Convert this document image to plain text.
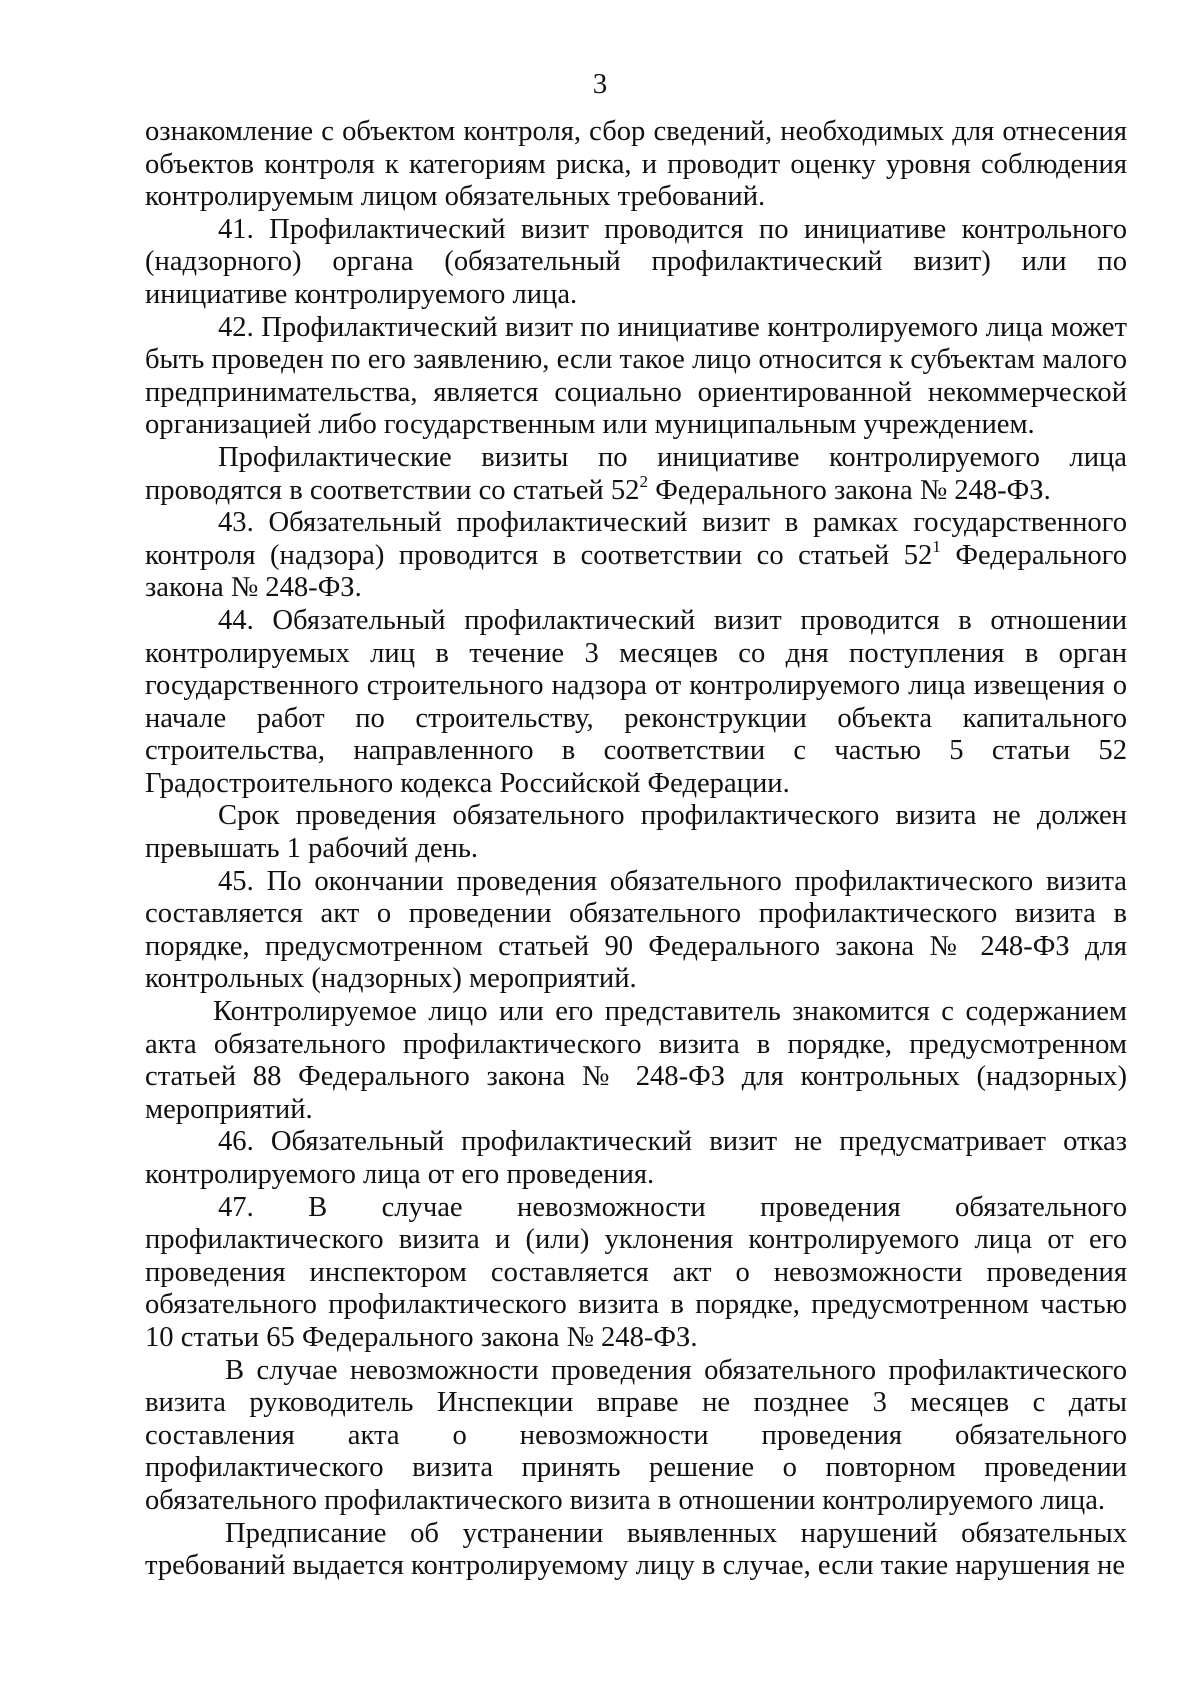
3

ознакомление с объектом контроля, сбор сведений, необходимых для отнесения объектов контроля к категориям риска, и проводит оценку уровня соблюдения контролируемым лицом обязательных требований.

41. Профилактический визит проводится по инициативе контрольного (надзорного) органа (обязательный профилактический визит) или по инициативе контролируемого лица.

42. Профилактический визит по инициативе контролируемого лица может быть проведен по его заявлению, если такое лицо относится к субъектам малого предпринимательства, является социально ориентированной некоммерческой организацией либо государственным или муниципальным учреждением.

Профилактические визиты по инициативе контролируемого лица проводятся в соответствии со статьей $52^2$ Федерального закона № 248-ФЗ.

43. Обязательный профилактический визит в рамках государственного контроля (надзора) проводится в соответствии со статьей $52^1$ Федерального закона № 248-ФЗ.

44. Обязательный профилактический визит проводится в отношении контролируемых лиц в течение 3 месяцев со дня поступления в орган государственного строительного надзора от контролируемого лица извещения о начале работ по строительству, реконструкции объекта капитального строительства, направленного в соответствии с частью 5 статьи 52 Градостроительного кодекса Российской Федерации.

Срок проведения обязательного профилактического визита не должен превышать 1 рабочий день.

45. По окончании проведения обязательного профилактического визита составляется акт о проведении обязательного профилактического визита в порядке, предусмотренном статьей 90 Федерального закона № 248-ФЗ для контрольных (надзорных) мероприятий.

Контролируемое лицо или его представитель знакомится с содержанием акта обязательного профилактического визита в порядке, предусмотренном статьей 88 Федерального закона № 248-ФЗ для контрольных (надзорных) мероприятий.

46. Обязательный профилактический визит не предусматривает отказ контролируемого лица от его проведения.

47. В случае невозможности проведения обязательного профилактического визита и (или) уклонения контролируемого лица от его проведения инспектором составляется акт о невозможности проведения обязательного профилактического визита в порядке, предусмотренном частью 10 статьи 65 Федерального закона № 248-ФЗ.

В случае невозможности проведения обязательного профилактического визита руководитель Инспекции вправе не позднее 3 месяцев с даты составления акта о невозможности проведения обязательного профилактического визита принять решение о повторном проведении обязательного профилактического визита в отношении контролируемого лица.

Предписание об устранении выявленных нарушений обязательных требований выдается контролируемому лицу в случае, если такие нарушения не
